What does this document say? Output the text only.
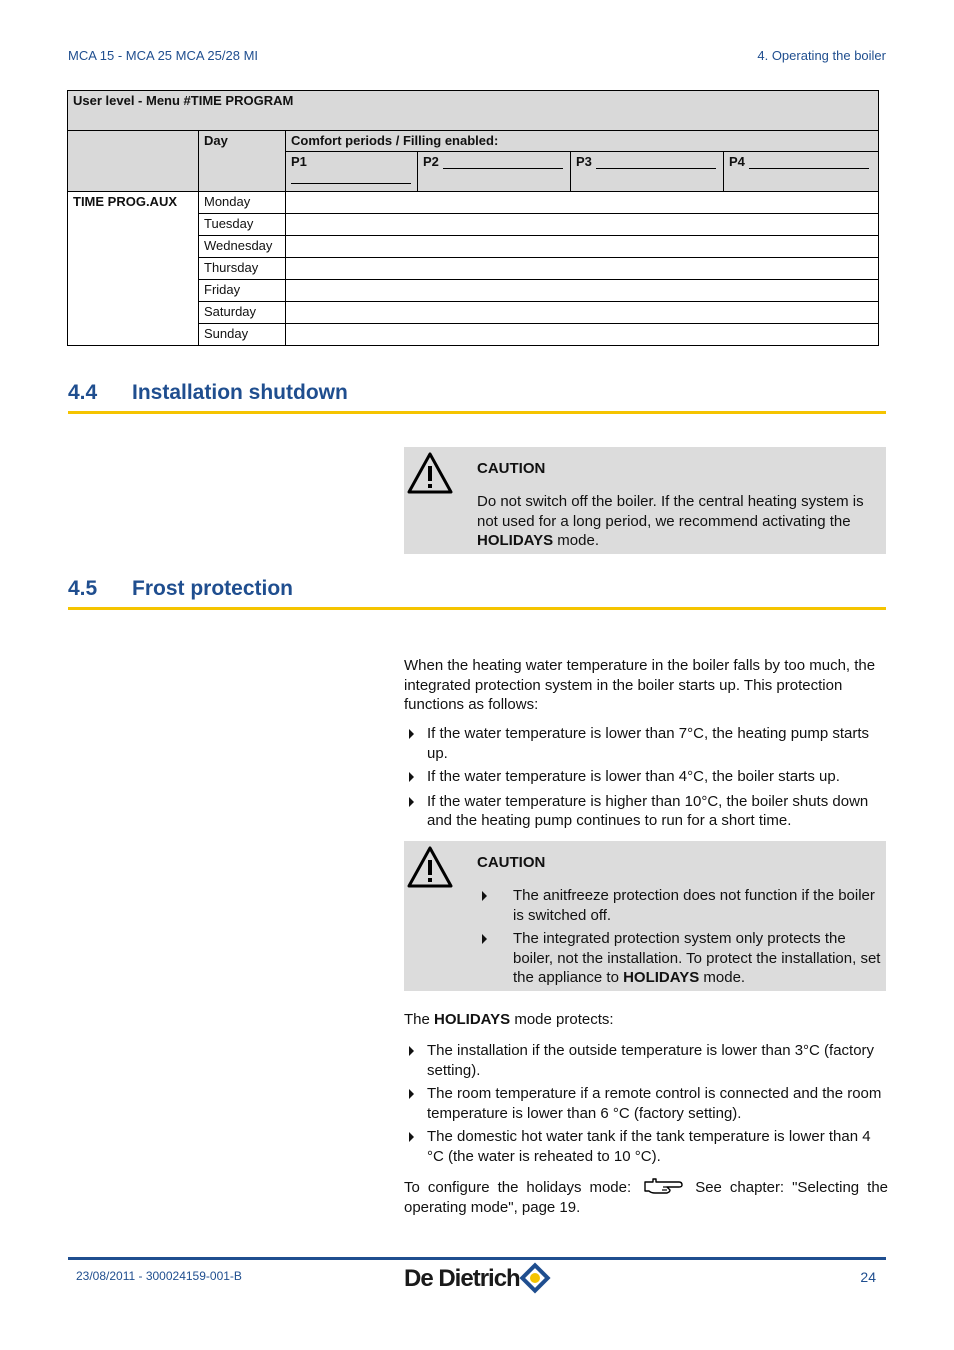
MCA 15 - MCA 25 MCA 25/28 MI	4. Operating the boiler
User level - Menu #TIME PROGRAM					
	Day	Comfort periods / Filling enabled:			
		P1	P2	P3	P4
TIME PROG.AUX	Monday				
	Tuesday				
	Wednesday				
	Thursday				
	Friday				
	Saturday				
	Sunday				
4.4 Installation shutdown
CAUTION
Do not switch off the boiler. If the central heating system is not used for a long period, we recommend activating the HOLIDAYS mode.
4.5 Frost protection
When the heating water temperature in the boiler falls by too much, the integrated protection system in the boiler starts up. This protection functions as follows:
If the water temperature is lower than 7°C, the heating pump starts up.
If the water temperature is lower than 4°C, the boiler starts up.
If the water temperature is higher than 10°C, the boiler shuts down and the heating pump continues to run for a short time.
CAUTION
The anitfreeze protection does not function if the boiler is switched off.
The integrated protection system only protects the boiler, not the installation. To protect the installation, set the appliance to HOLIDAYS mode.
The HOLIDAYS mode protects:
The installation if the outside temperature is lower than 3°C (factory setting).
The room temperature if a remote control is connected and the room temperature is lower than 6 °C (factory setting).
The domestic hot water tank if the tank temperature is lower than 4 °C (the water is reheated to 10 °C).
To configure the holidays mode:	See chapter: "Selecting the operating mode", page 19.
23/08/2011 - 300024159-001-B	De Dietrich	24
